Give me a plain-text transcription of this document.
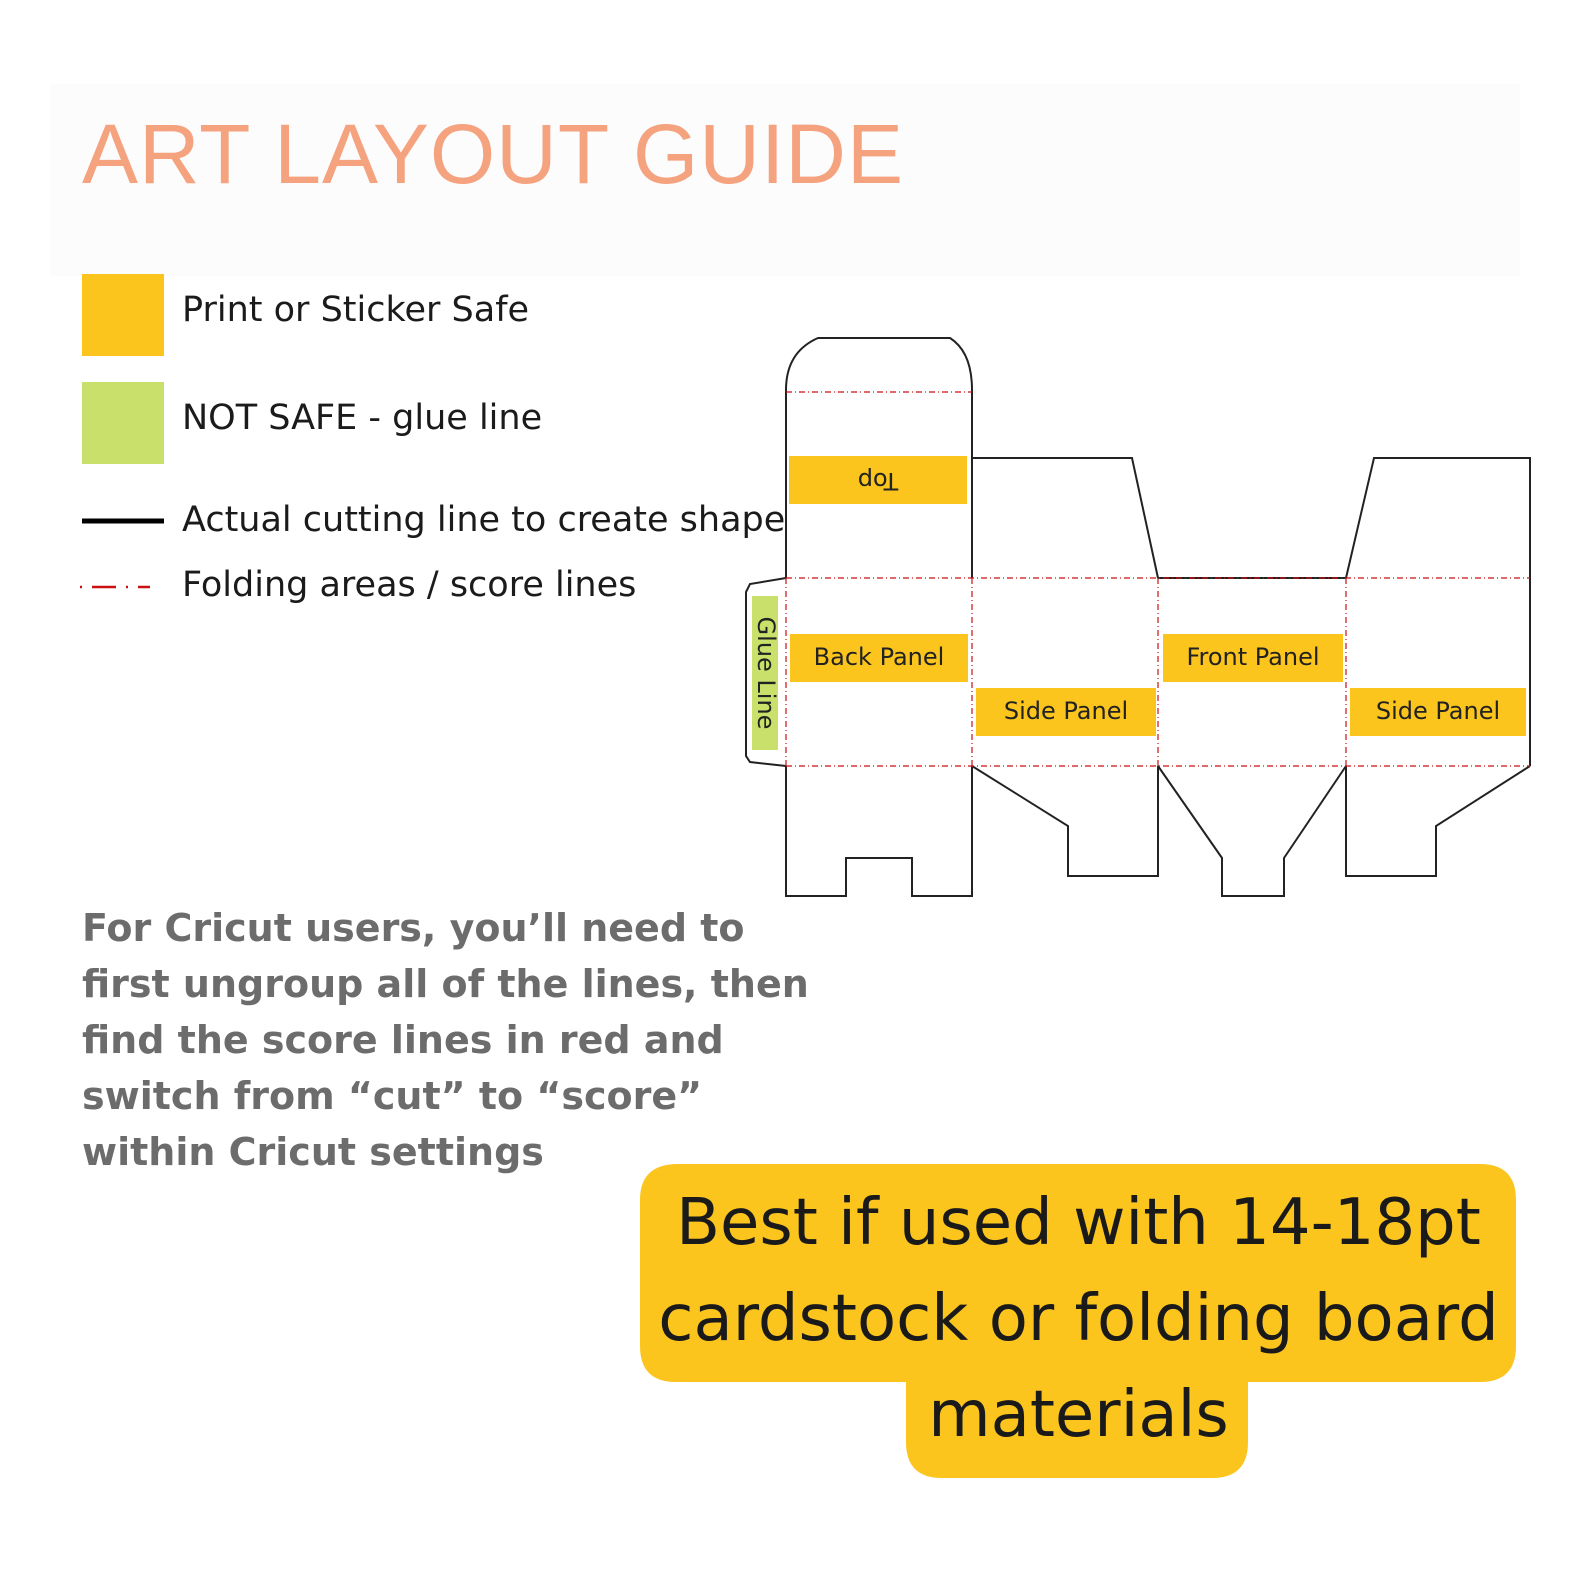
ART LAYOUT GUIDE
Print or Sticker Safe
NOT SAFE - glue line
Actual cutting line to create shape
Folding areas / score lines
Top
Back Panel
Side Panel
Front Panel
Side Panel
Glue Line
For Cricut users, you’ll need to
first ungroup all of the lines, then
find the score lines in red and
switch from “cut” to “score”
within Cricut settings
Best if used with 14-18pt
cardstock or folding board
materials
